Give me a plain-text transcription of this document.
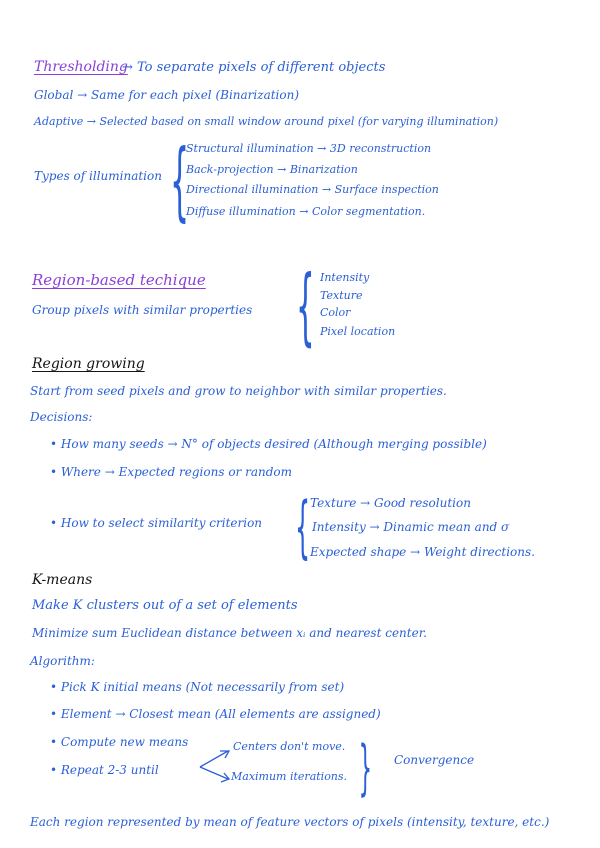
Thresholding
→ To separate pixels of different objects
Global → Same for each pixel (Binarization)
Adaptive → Selected based on small window around pixel (for varying illumination)
Types of illumination {
Structural illumination → 3D reconstruction
Back-projection → Binarization
Directional illumination → Surface inspection
Diffuse illumination → Color segmentation.
Region-based techique
Group pixels with similar properties { Intensity
Texture
Color
Pixel location
Region growing
Start from seed pixels and grow to neighbor with similar properties.
Decisions:
• How many seeds → N° of objects desired (Although merging possible)
• Where → Expected regions or random
• How to select similarity criterion { Texture → Good resolution
Intensity → Dinamic mean and σ
Expected shape → Weight directions.
K-means
Make K clusters out of a set of elements
Minimize sum Euclidean distance between xᵢ and nearest center.
Algorithm:
• Pick K initial means (Not necessarily from set)
• Element → Closest mean (All elements are assigned)
• Compute new means
• Repeat 2-3 until
Centers don't move.
Maximum iterations. { Convergence
Each region represented by mean of feature vectors of pixels (intensity, texture, etc.)
